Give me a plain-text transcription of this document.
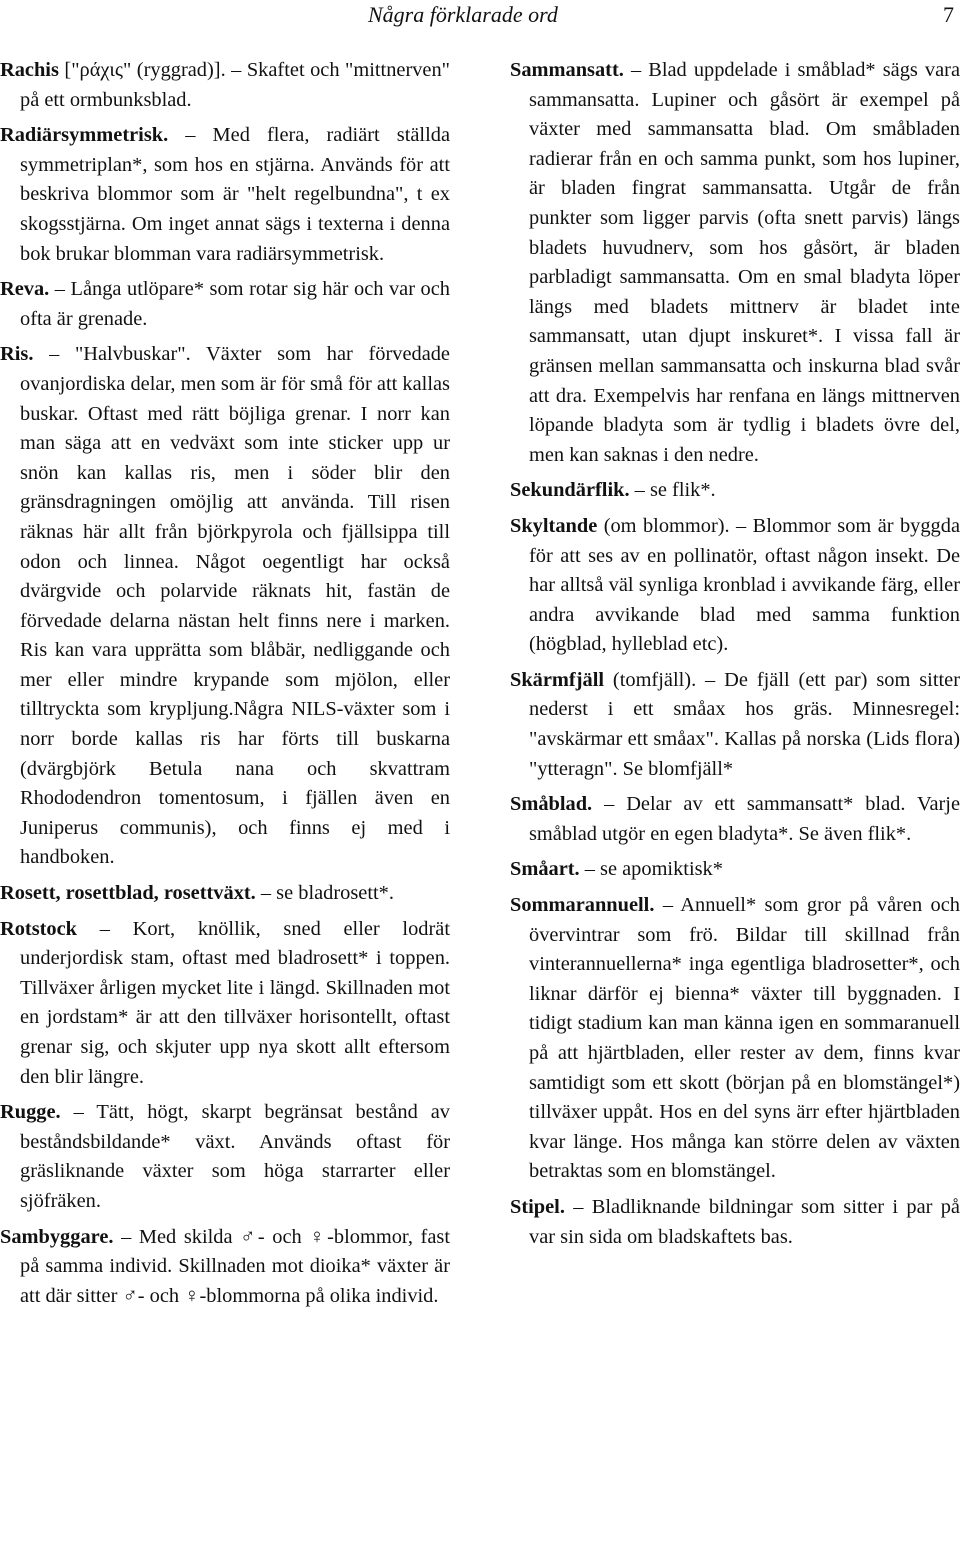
Några förklarade ord	7

Rachis ["ράχις" (ryggrad)]. – Skaftet och "mittnerven" på ett ormbunksblad.

Radiärsymmetrisk. – Med flera, radiärt ställda symmetriplan*, som hos en stjärna. Används för att beskriva blommor som är "helt regelbundna", t ex skogsstjärna. Om inget annat sägs i texterna i denna bok brukar blomman vara radiärsymmetrisk.

Reva. – Långa utlöpare* som rotar sig här och var och ofta är grenade.

Ris. – "Halvbuskar". Växter som har förvedade ovanjordiska delar, men som är för små för att kallas buskar. Oftast med rätt böjliga grenar. I norr kan man säga att en vedväxt som inte sticker upp ur snön kan kallas ris, men i söder blir den gränsdragningen omöjlig att använda. Till risen räknas här allt från björkpyrola och fjällsippa till odon och linnea. Något oegentligt har också dvärgvide och polarvide räknats hit, fastän de förvedade delarna nästan helt finns nere i marken. Ris kan vara upprätta som blåbär, nedliggande och mer eller mindre krypande som mjölon, eller tilltryckta som krypljung.Några NILS-växter som i norr borde kallas ris har förts till buskarna (dvärgbjörk Betula nana och skvattram Rhododendron tomentosum, i fjällen även en Juniperus communis), och finns ej med i handboken.

Rosett, rosettblad, rosettväxt. – se bladrosett*.

Rotstock – Kort, knöllik, sned eller lodrät underjordisk stam, oftast med bladrosett* i toppen. Tillväxer årligen mycket lite i längd. Skillnaden mot en jordstam* är att den tillväxer horisontellt, oftast grenar sig, och skjuter upp nya skott allt eftersom den blir längre.

Rugge. – Tätt, högt, skarpt begränsat bestånd av beståndsbildande* växt. Används oftast för gräsliknande växter som höga starrarter eller sjöfräken.

Sambyggare. – Med skilda ♂- och ♀-blommor, fast på samma individ. Skillnaden mot dioika* växter är att där sitter ♂- och ♀-blommorna på olika individ.

Sammansatt. – Blad uppdelade i småblad* sägs vara sammansatta. Lupiner och gåsört är exempel på växter med sammansatta blad. Om småbladen radierar från en och samma punkt, som hos lupiner, är bladen fingrat sammansatta. Utgår de från punkter som ligger parvis (ofta snett parvis) längs bladets huvudnerv, som hos gåsört, är bladen parbladigt sammansatta. Om en smal bladyta löper längs med bladets mittnerv är bladet inte sammansatt, utan djupt inskuret*. I vissa fall är gränsen mellan sammansatta och inskurna blad svår att dra. Exempelvis har renfana en längs mittnerven löpande bladyta som är tydlig i bladets övre del, men kan saknas i den nedre.

Sekundärflik. – se flik*.

Skyltande (om blommor). – Blommor som är byggda för att ses av en pollinatör, oftast någon insekt. De har alltså väl synliga kronblad i avvikande färg, eller andra avvikande blad med samma funktion (högblad, hylleblad etc).

Skärmfjäll (tomfjäll). – De fjäll (ett par) som sitter nederst i ett småax hos gräs. Minnesregel: "avskärmar ett småax". Kallas på norska (Lids flora) "ytteragn". Se blomfjäll*

Småblad. – Delar av ett sammansatt* blad. Varje småblad utgör en egen bladyta*. Se även flik*.

Småart. – se apomiktisk*

Sommarannuell. – Annuell* som gror på våren och övervintrar som frö. Bildar till skillnad från vinterannuellerna* inga egentliga bladrosetter*, och liknar därför ej bienna* växter till byggnaden. I tidigt stadium kan man känna igen en sommaranuell på att hjärtbladen, eller rester av dem, finns kvar samtidigt som ett skott (början på en blomstängel*) tillväxer uppåt. Hos en del syns ärr efter hjärtbladen kvar länge. Hos många kan större delen av växten betraktas som en blomstängel.

Stipel. – Bladliknande bildningar som sitter i par på var sin sida om bladskaftets bas.
